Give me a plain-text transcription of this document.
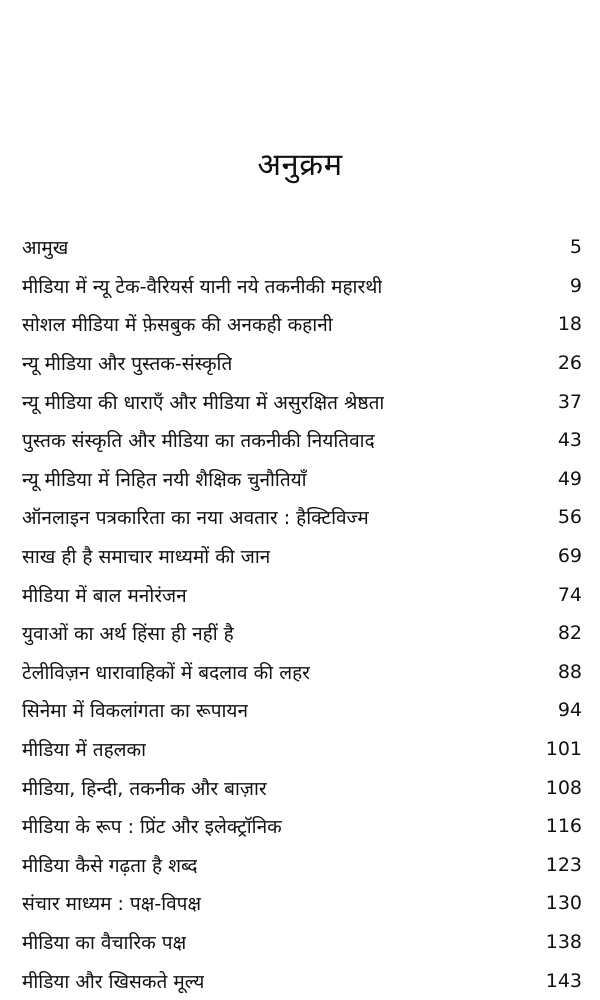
अनुक्रम
आमुख	5
मीडिया में न्यू टेक-वैरियर्स यानी नये तकनीकी महारथी	9
सोशल मीडिया में फ़ेसबुक की अनकही कहानी	18
न्यू मीडिया और पुस्तक-संस्कृति	26
न्यू मीडिया की धाराएँ और मीडिया में असुरक्षित श्रेष्ठता	37
पुस्तक संस्कृति और मीडिया का तकनीकी नियतिवाद	43
न्यू मीडिया में निहित नयी शैक्षिक चुनौतियाँ	49
ऑनलाइन पत्रकारिता का नया अवतार : हैक्टिविज्म	56
साख ही है समाचार माध्यमों की जान	69
मीडिया में बाल मनोरंजन	74
युवाओं का अर्थ हिंसा ही नहीं है	82
टेलीविज़न धारावाहिकों में बदलाव की लहर	88
सिनेमा में विकलांगता का रूपायन	94
मीडिया में तहलका	101
मीडिया, हिन्दी, तकनीक और बाज़ार	108
मीडिया के रूप : प्रिंट और इलेक्ट्रॉनिक	116
मीडिया कैसे गढ़ता है शब्द	123
संचार माध्यम : पक्ष-विपक्ष	130
मीडिया का वैचारिक पक्ष	138
मीडिया और खिसकते मूल्य	143
